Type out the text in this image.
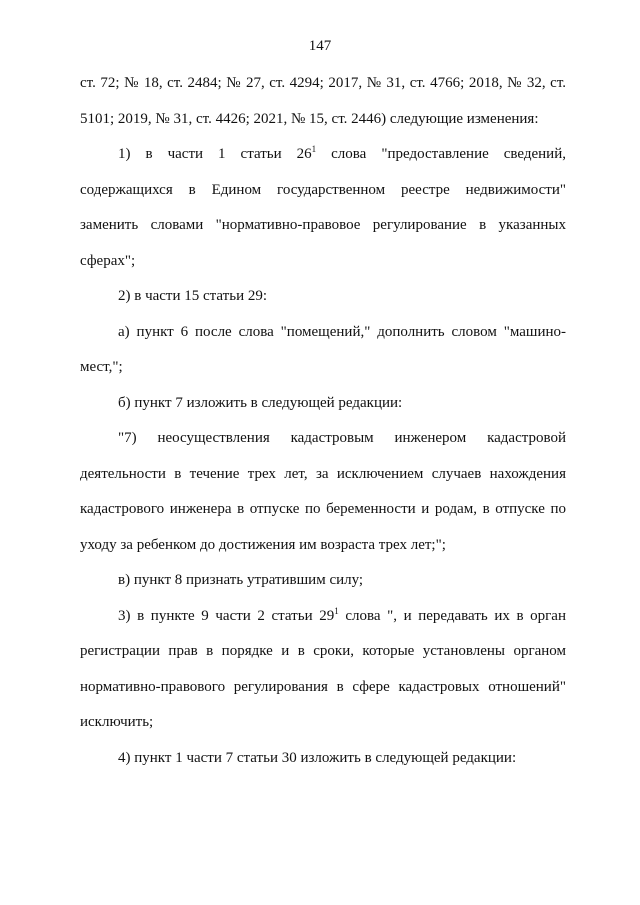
147

ст. 72; № 18, ст. 2484; № 27, ст. 4294; 2017, № 31, ст. 4766; 2018, № 32, ст. 5101; 2019, № 31, ст. 4426; 2021, № 15, ст. 2446) следующие изменения:

1) в части 1 статьи $26^1$ слова "предоставление сведений, содержащихся в Едином государственном реестре недвижимости" заменить словами "нормативно-правовое регулирование в указанных сферах";

2) в части 15 статьи 29:

а) пункт 6 после слова "помещений," дополнить словом "машино-мест,";

б) пункт 7 изложить в следующей редакции:

"7) неосуществления кадастровым инженером кадастровой деятельности в течение трех лет, за исключением случаев нахождения кадастрового инженера в отпуске по беременности и родам, в отпуске по уходу за ребенком до достижения им возраста трех лет;";

в) пункт 8 признать утратившим силу;

3) в пункте 9 части 2 статьи $29^1$ слова ", и передавать их в орган регистрации прав в порядке и в сроки, которые установлены органом нормативно-правового регулирования в сфере кадастровых отношений" исключить;

4) пункт 1 части 7 статьи 30 изложить в следующей редакции:
